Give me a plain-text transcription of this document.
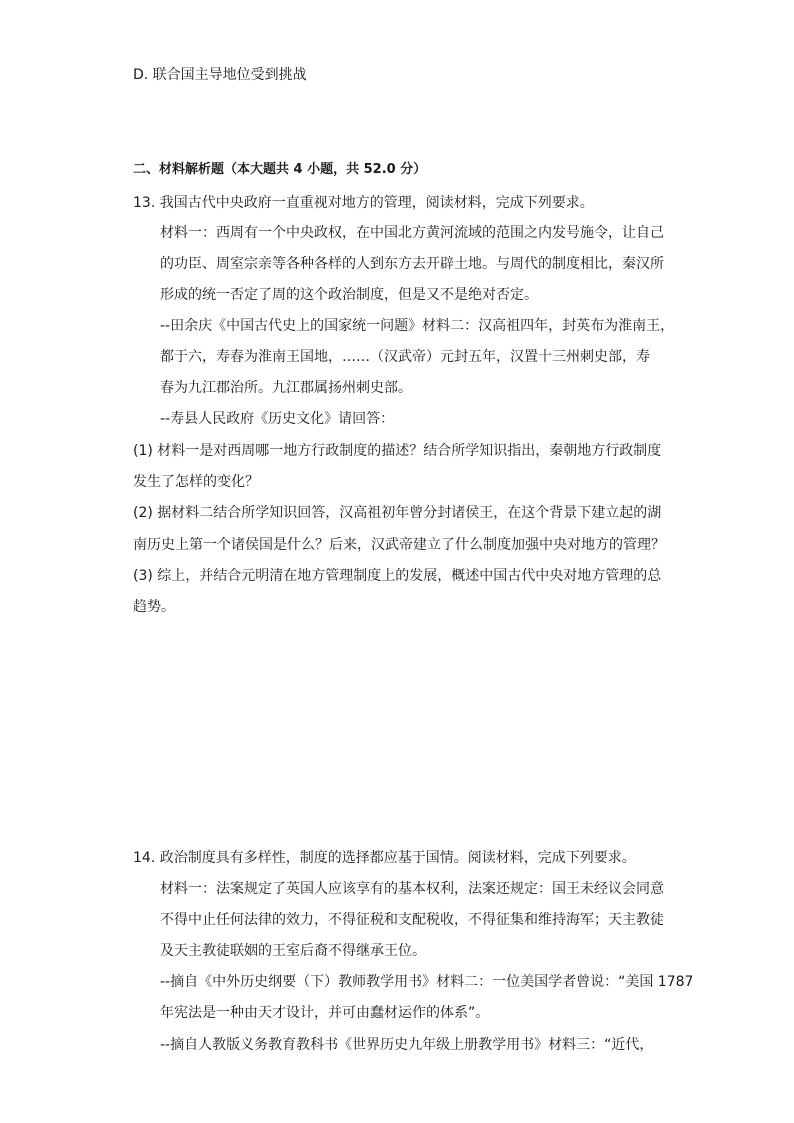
D. 联合国主导地位受到挑战
二、材料解析题（本大题共 4 小题，共 52.0 分）
13. 我国古代中央政府一直重视对地方的管理，阅读材料，完成下列要求。
材料一：西周有一个中央政权，在中国北方黄河流域的范围之内发号施令，让自己
的功臣、周室宗亲等各种各样的人到东方去开辟土地。与周代的制度相比，秦汉所
形成的统一否定了周的这个政治制度，但是又不是绝对否定。
--田余庆《中国古代史上的国家统一问题》材料二：汉高祖四年，封英布为淮南王，
都于六，寿春为淮南王国地，……（汉武帝）元封五年，汉置十三州刺史部，寿
春为九江郡治所。九江郡属扬州刺史部。
--寿县人民政府《历史文化》请回答：
(1) 材料一是对西周哪一地方行政制度的描述？结合所学知识指出，秦朝地方行政制度
发生了怎样的变化？
(2) 据材料二结合所学知识回答，汉高祖初年曾分封诸侯王，在这个背景下建立起的湖
南历史上第一个诸侯国是什么？后来，汉武帝建立了什么制度加强中央对地方的管理？
(3) 综上，并结合元明清在地方管理制度上的发展，概述中国古代中央对地方管理的总
趋势。
14. 政治制度具有多样性，制度的选择都应基于国情。阅读材料，完成下列要求。
材料一：法案规定了英国人应该享有的基本权利，法案还规定：国王未经议会同意
不得中止任何法律的效力，不得征税和支配税收，不得征集和维持海军；天主教徒
及天主教徒联姻的王室后裔不得继承王位。
--摘自《中外历史纲要（下）教师教学用书》材料二：一位美国学者曾说：“美国 1787
年宪法是一种由天才设计，并可由蠢材运作的体系”。
--摘自人教版义务教育教科书《世界历史九年级上册教学用书》材料三：“近代，
